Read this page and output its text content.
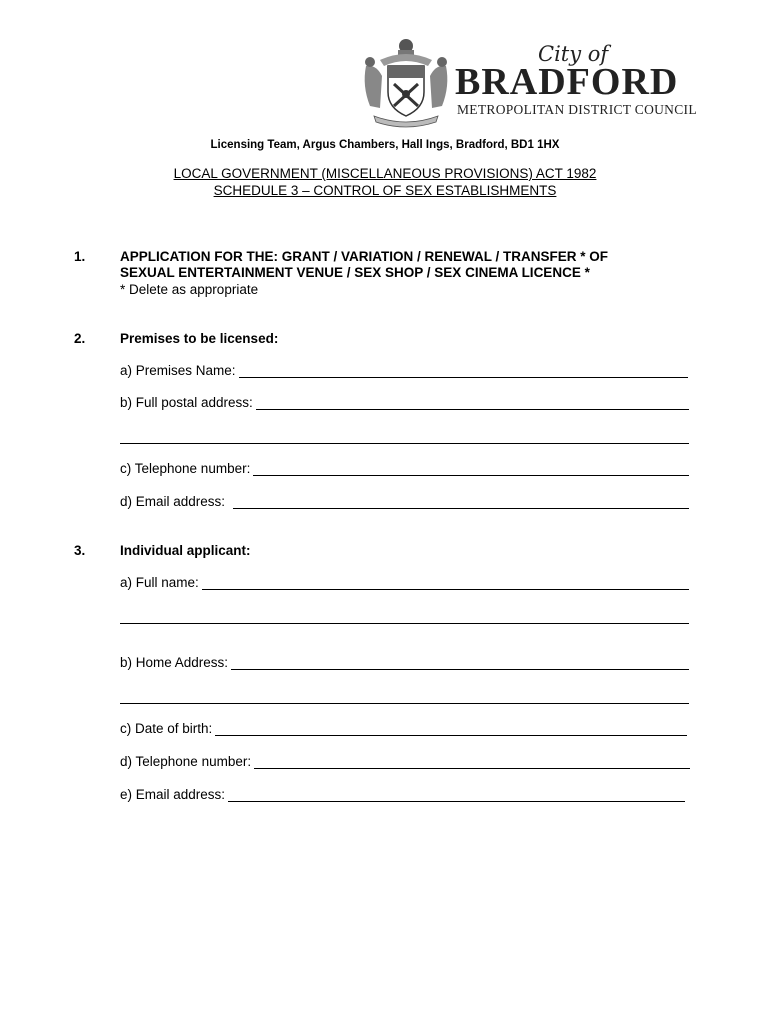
City of
BRADFORD
METROPOLITAN DISTRICT COUNCIL
Licensing Team, Argus Chambers, Hall Ings, Bradford, BD1 1HX
LOCAL GOVERNMENT (MISCELLANEOUS PROVISIONS) ACT 1982
SCHEDULE 3 – CONTROL OF SEX ESTABLISHMENTS
1.	APPLICATION FOR THE: GRANT / VARIATION / RENEWAL / TRANSFER * OF
SEXUAL ENTERTAINMENT VENUE / SEX SHOP / SEX CINEMA LICENCE *
* Delete as appropriate
2.	Premises to be licensed:
a) Premises Name:
b) Full postal address:
c) Telephone number:
d) Email address:
3.	Individual applicant:
a) Full name:
b) Home Address:
c) Date of birth:
d) Telephone number:
e) Email address:
